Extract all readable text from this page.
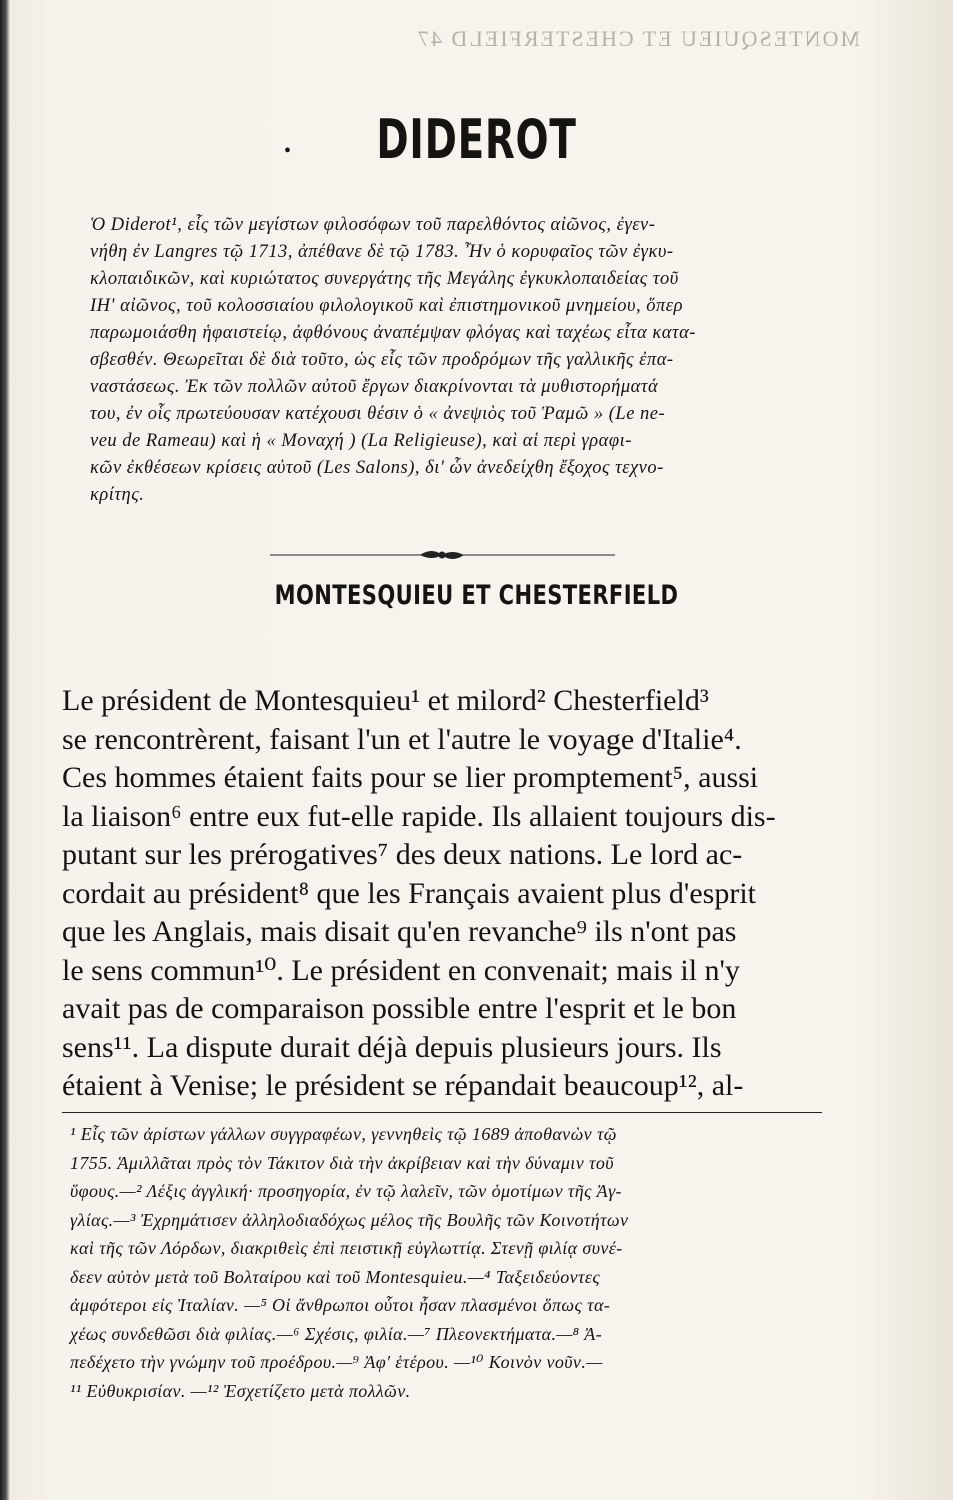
MONTESQUIEU ET CHESTERFIELD 47
•	DIDEROT
Ὁ Diderot¹, εἷς τῶν μεγίστων φιλοσόφων τοῦ παρελθόντος αἰῶνος, ἐγεν-
νήθη ἐν Langres τῷ 1713, ἀπέθανε δὲ τῷ 1783. Ἦν ὁ κορυφαῖος τῶν ἐγκυ-
κλοπαιδικῶν, καὶ κυριώτατος συνεργάτης τῆς Μεγάλης ἐγκυκλοπαιδείας τοῦ
ΙΗ' αἰῶνος, τοῦ κολοσσιαίου φιλολογικοῦ καὶ ἐπιστημονικοῦ μνημείου, ὅπερ
παρωμοιάσθη ἡφαιστείῳ, ἀφθόνους ἀναπέμψαν φλόγας καὶ ταχέως εἶτα κατα-
σβεσθέν. Θεωρεῖται δὲ διὰ τοῦτο, ὡς εἷς τῶν προδρόμων τῆς γαλλικῆς ἐπα-
ναστάσεως. Ἐκ τῶν πολλῶν αὐτοῦ ἔργων διακρίνονται τὰ μυθιστορήματά
του, ἐν οἷς πρωτεύουσαν κατέχουσι θέσιν ὁ « ἀνεψιὸς τοῦ Ῥαμῶ » (Le ne-
veu de Rameau) καὶ ἡ « Μοναχή ) (La Religieuse), καὶ αἱ περὶ γραφι-
κῶν ἐκθέσεων κρίσεις αὐτοῦ (Les Salons), δι' ὧν ἀνεδείχθη ἔξοχος τεχνο-
κρίτης.
MONTESQUIEU ET CHESTERFIELD
Le président de Montesquieu¹ et milord² Chesterfield³
se rencontrèrent, faisant l'un et l'autre le voyage d'Italie⁴.
Ces hommes étaient faits pour se lier promptement⁵, aussi
la liaison⁶ entre eux fut-elle rapide. Ils allaient toujours dis-
putant sur les prérogatives⁷ des deux nations. Le lord ac-
cordait au président⁸ que les Français avaient plus d'esprit
que les Anglais, mais disait qu'en revanche⁹ ils n'ont pas
le sens commun¹⁰. Le président en convenait; mais il n'y
avait pas de comparaison possible entre l'esprit et le bon
sens¹¹. La dispute durait déjà depuis plusieurs jours. Ils
étaient à Venise; le président se répandait beaucoup¹², al-
¹ Εἷς τῶν ἀρίστων γάλλων συγγραφέων, γεννηθεὶς τῷ 1689 ἀποθανὼν τῷ
1755. Ἁμιλλᾶται πρὸς τὸν Τάκιτον διὰ τὴν ἀκρίβειαν καὶ τὴν δύναμιν τοῦ
ὕφους.—² Λέξις ἀγγλική· προσηγορία, ἐν τῷ λαλεῖν, τῶν ὁμοτίμων τῆς Ἀγ-
γλίας.—³ Ἐχρημάτισεν ἀλληλοδιαδόχως μέλος τῆς Βουλῆς τῶν Κοινοτήτων
καὶ τῆς τῶν Λόρδων, διακριθεὶς ἐπὶ πειστικῇ εὐγλωττίᾳ. Στενῇ φιλίᾳ συνέ-
δεεν αὐτὸν μετὰ τοῦ Βολταίρου καὶ τοῦ Montesquieu.—⁴ Ταξειδεύοντες
ἀμφότεροι εἰς Ἰταλίαν. —⁵ Οἱ ἄνθρωποι οὗτοι ἦσαν πλασμένοι ὅπως τα-
χέως συνδεθῶσι διὰ φιλίας.—⁶ Σχέσις, φιλία.—⁷ Πλεονεκτήματα.—⁸ Ἀ-
πεδέχετο τὴν γνώμην τοῦ προέδρου.—⁹ Ἀφ' ἑτέρου. —¹⁰ Κοινὸν νοῦν.—
¹¹ Εὐθυκρισίαν. —¹² Ἐσχετίζετο μετὰ πολλῶν.
